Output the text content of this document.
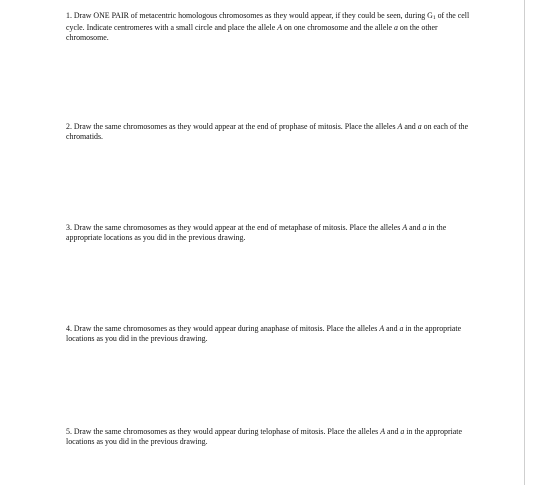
1. Draw ONE PAIR of metacentric homologous chromosomes as they would appear, if they could be seen, during G1 of the cell cycle. Indicate centromeres with a small circle and place the allele A on one chromosome and the allele a on the other chromosome.

2. Draw the same chromosomes as they would appear at the end of prophase of mitosis. Place the alleles A and a on each of the chromatids.

3. Draw the same chromosomes as they would appear at the end of metaphase of mitosis. Place the alleles A and a in the appropriate locations as you did in the previous drawing.

4. Draw the same chromosomes as they would appear during anaphase of mitosis. Place the alleles A and a in the appropriate locations as you did in the previous drawing.

5. Draw the same chromosomes as they would appear during telophase of mitosis. Place the alleles A and a in the appropriate locations as you did in the previous drawing.
